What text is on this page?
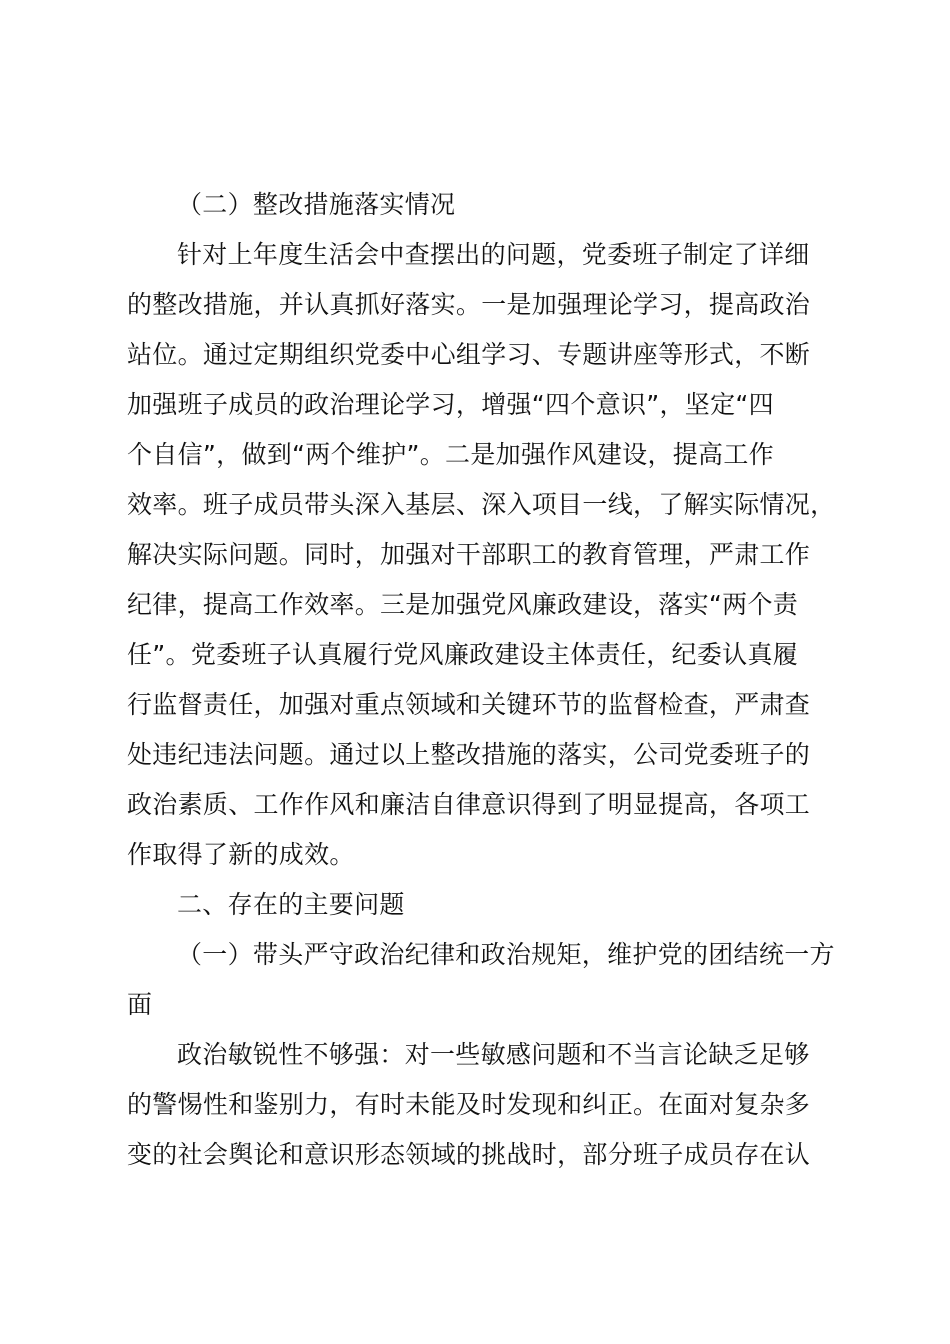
（二）整改措施落实情况
针对上年度生活会中查摆出的问题，党委班子制定了详细
的整改措施，并认真抓好落实。一是加强理论学习，提高政治
站位。通过定期组织党委中心组学习、专题讲座等形式，不断
加强班子成员的政治理论学习，增强“四个意识”，坚定“四
个自信”，做到“两个维护”。二是加强作风建设，提高工作
效率。班子成员带头深入基层、深入项目一线，了解实际情况，
解决实际问题。同时，加强对干部职工的教育管理，严肃工作
纪律，提高工作效率。三是加强党风廉政建设，落实“两个责
任”。党委班子认真履行党风廉政建设主体责任，纪委认真履
行监督责任，加强对重点领域和关键环节的监督检查，严肃查
处违纪违法问题。通过以上整改措施的落实，公司党委班子的
政治素质、工作作风和廉洁自律意识得到了明显提高，各项工
作取得了新的成效。
二、存在的主要问题
（一）带头严守政治纪律和政治规矩，维护党的团结统一方
面
政治敏锐性不够强：对一些敏感问题和不当言论缺乏足够
的警惕性和鉴别力，有时未能及时发现和纠正。在面对复杂多
变的社会舆论和意识形态领域的挑战时，部分班子成员存在认
